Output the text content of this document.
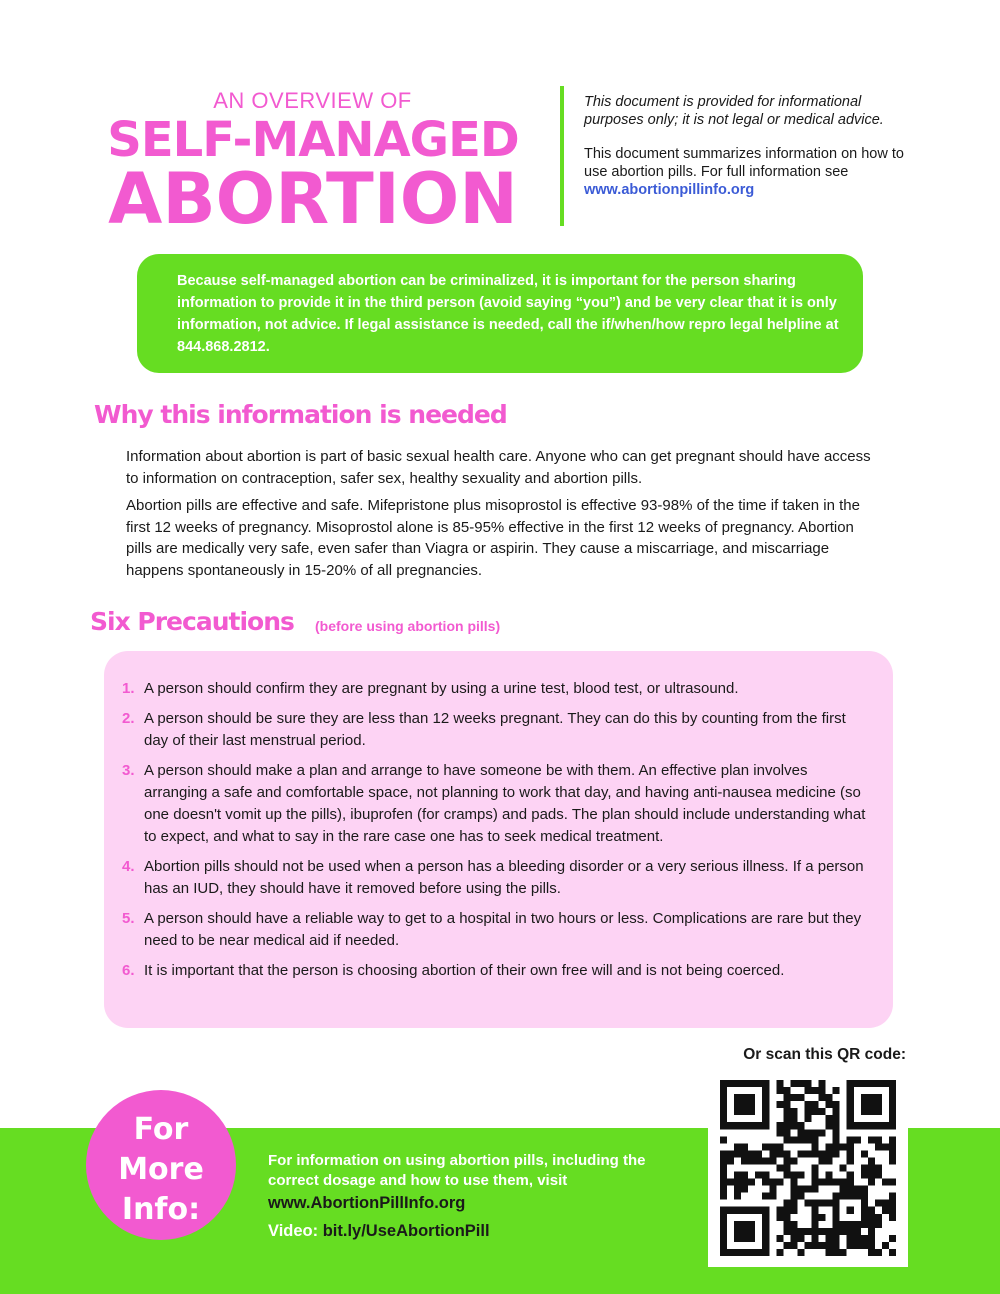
AN OVERVIEW OF
SELF-MANAGED
ABORTION

This document is provided for informational purposes only; it is not legal or medical advice.

This document summarizes information on how to use abortion pills. For full information see www.abortionpillinfo.org

Because self-managed abortion can be criminalized, it is important for the person sharing information to provide it in the third person (avoid saying “you”) and be very clear that it is only information, not advice. If legal assistance is needed, call the if/when/how repro legal helpline at 844.868.2812.
Why this information is needed

Information about abortion is part of basic sexual health care. Anyone who can get pregnant should have access to information on contraception, safer sex, healthy sexuality and abortion pills.

Abortion pills are effective and safe. Mifepristone plus misoprostol is effective 93-98% of the time if taken in the first 12 weeks of pregnancy. Misoprostol alone is 85-95% effective in the first 12 weeks of pregnancy. Abortion pills are medically very safe, even safer than Viagra or aspirin. They cause a miscarriage, and miscarriage happens spontaneously in 15-20% of all pregnancies.

Six Precautions (before using abortion pills)
1. A person should confirm they are pregnant by using a urine test, blood test, or ultrasound.
2. A person should be sure they are less than 12 weeks pregnant. They can do this by counting from the first day of their last menstrual period.
3. A person should make a plan and arrange to have someone be with them. An effective plan involves arranging a safe and comfortable space, not planning to work that day, and having anti-nausea medicine (so one doesn't vomit up the pills), ibuprofen (for cramps) and pads. The plan should include understanding what to expect, and what to say in the rare case one has to seek medical treatment.
4. Abortion pills should not be used when a person has a bleeding disorder or a very serious illness. If a person has an IUD, they should have it removed before using the pills.
5. A person should have a reliable way to get to a hospital in two hours or less. Complications are rare but they need to be near medical aid if needed.
6. It is important that the person is choosing abortion of their own free will and is not being coerced.
Or scan this QR code:
For
More
Info:
For information on using abortion pills, including the correct dosage and how to use them, visit
www.AbortionPillInfo.org
Video: bit.ly/UseAbortionPill
